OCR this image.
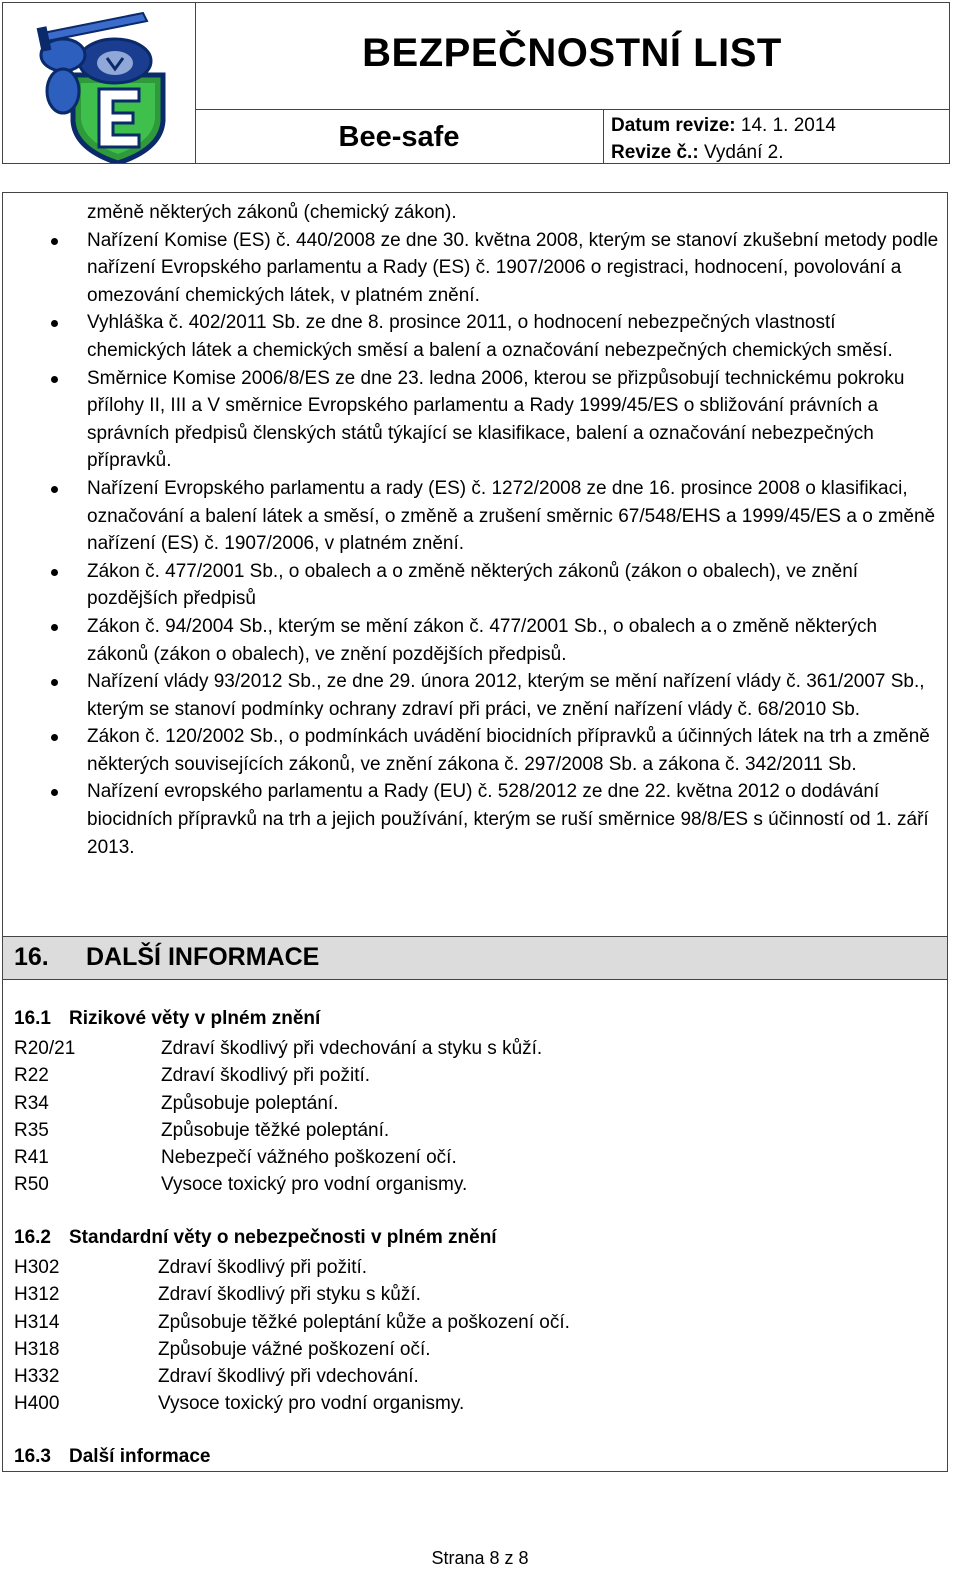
BEZPEČNOSTNÍ LIST
Bee-safe	Datum revize: 14. 1. 2014
Revize č.: Vydání 2.
změně některých zákonů (chemický zákon).
Nařízení Komise (ES) č. 440/2008 ze dne 30. května 2008, kterým se stanoví zkušební metody podle nařízení Evropského parlamentu a Rady (ES) č. 1907/2006 o registraci, hodnocení, povolování a omezování chemických látek, v platném znění.
Vyhláška č. 402/2011 Sb. ze dne 8. prosince 2011, o hodnocení nebezpečných vlastností chemických látek a chemických směsí a balení a označování nebezpečných chemických směsí.
Směrnice Komise 2006/8/ES ze dne 23. ledna 2006, kterou se přizpůsobují technickému pokroku přílohy II, III a V směrnice Evropského parlamentu a Rady 1999/45/ES o sbližování právních a správních předpisů členských států týkající se klasifikace, balení a označování nebezpečných přípravků.
Nařízení Evropského parlamentu a rady (ES) č. 1272/2008 ze dne 16. prosince 2008 o klasifikaci, označování a balení látek a směsí, o změně a zrušení směrnic 67/548/EHS a 1999/45/ES a o změně nařízení (ES) č. 1907/2006, v platném znění.
Zákon č. 477/2001 Sb., o obalech a o změně některých zákonů (zákon o obalech), ve znění pozdějších předpisů
Zákon č. 94/2004 Sb., kterým se mění zákon č. 477/2001 Sb., o obalech a o změně některých zákonů (zákon o obalech), ve znění pozdějších předpisů.
Nařízení vlády 93/2012 Sb., ze dne 29. února 2012, kterým se mění nařízení vlády č. 361/2007 Sb., kterým se stanoví podmínky ochrany zdraví při práci, ve znění nařízení vlády č. 68/2010 Sb.
Zákon č. 120/2002 Sb., o podmínkách uvádění biocidních přípravků a účinných látek na trh a změně některých souvisejících zákonů, ve znění zákona č. 297/2008 Sb. a zákona č. 342/2011 Sb.
Nařízení evropského parlamentu a Rady (EU) č. 528/2012 ze dne 22. května 2012 o dodávání biocidních přípravků na trh a jejich používání, kterým se ruší směrnice 98/8/ES s účinností od 1. září 2013.
16. DALŠÍ INFORMACE
16.1 Rizikové věty v plném znění
R20/21	Zdraví škodlivý při vdechování a styku s kůží.
R22	Zdraví škodlivý při požití.
R34	Způsobuje poleptání.
R35	Způsobuje těžké poleptání.
R41	Nebezpečí vážného poškození očí.
R50	Vysoce toxický pro vodní organismy.
16.2 Standardní věty o nebezpečnosti v plném znění
H302	Zdraví škodlivý při požití.
H312	Zdraví škodlivý při styku s kůží.
H314	Způsobuje těžké poleptání kůže a poškození očí.
H318	Způsobuje vážné poškození očí.
H332	Zdraví škodlivý při vdechování.
H400	Vysoce toxický pro vodní organismy.
16.3 Další informace
Strana 8 z 8
